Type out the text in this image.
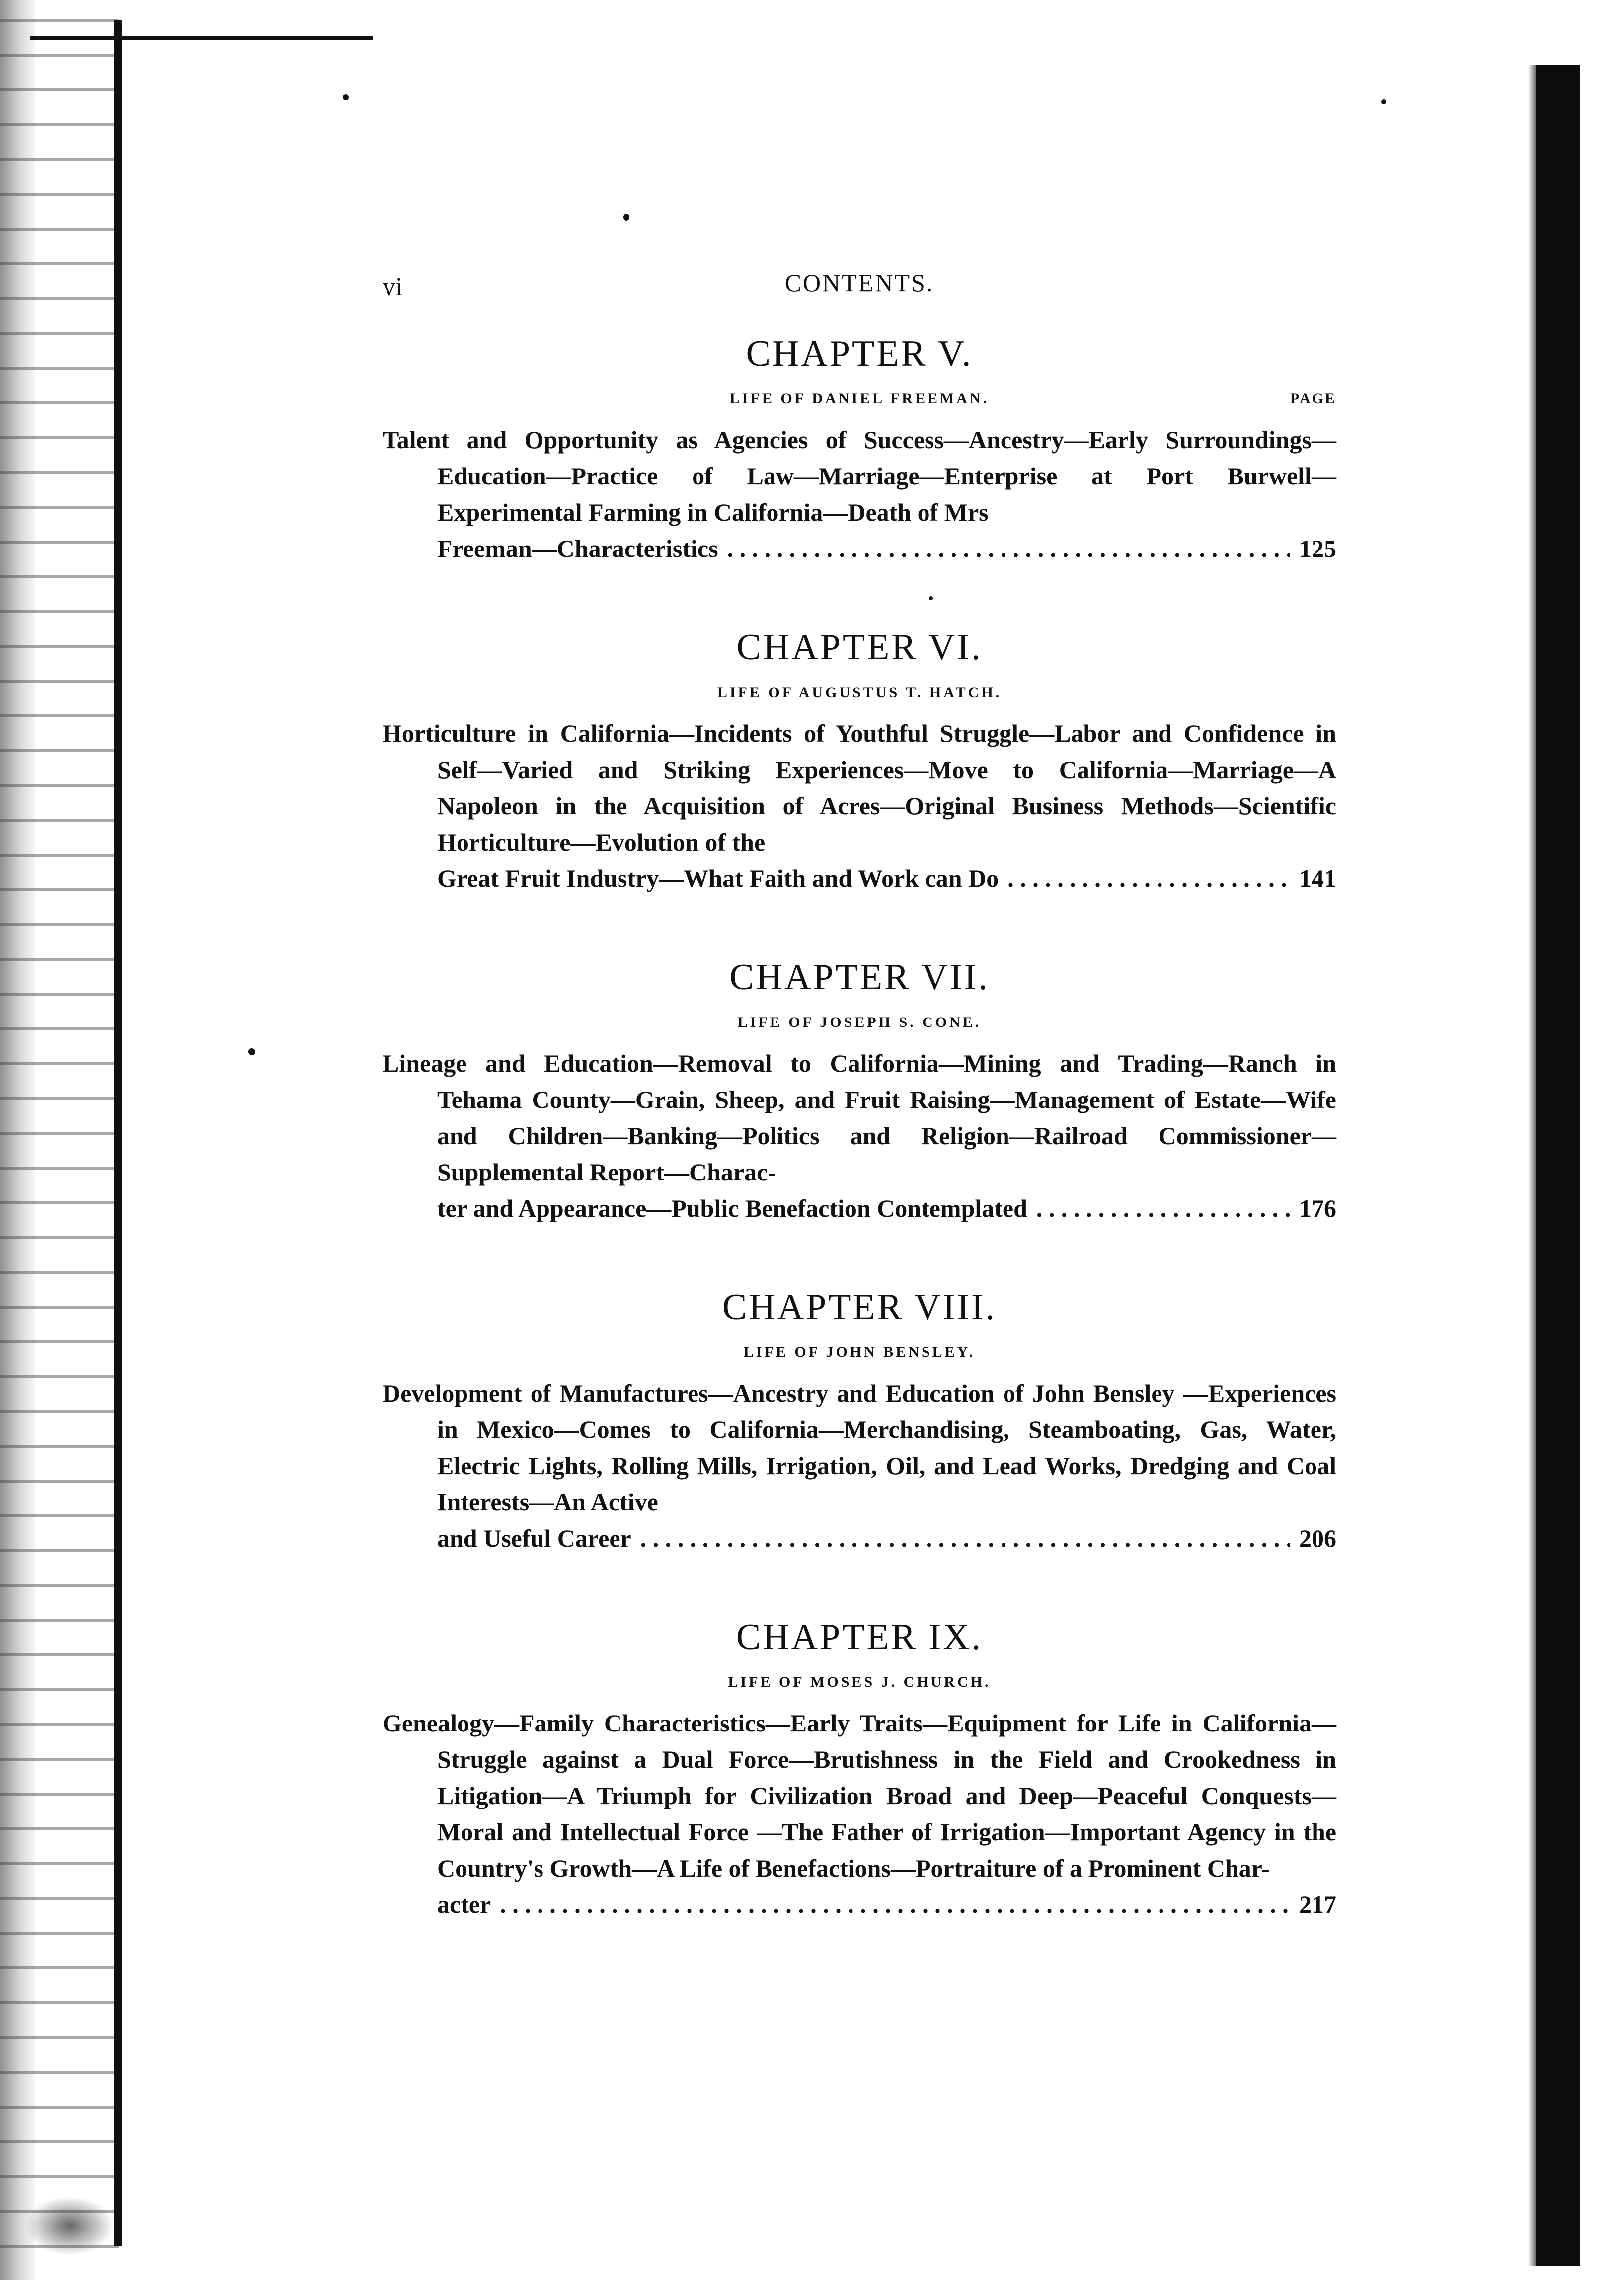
vi	CONTENTS.
CHAPTER V.
LIFE OF DANIEL FREEMAN.	PAGE

Talent and Opportunity as Agencies of Success—Ancestry—Early Surroundings— Education—Practice of Law—Marriage—Enterprise at Port Burwell—Experimental Farming in California—Death of Mrs

Freeman—Characteristics . . .	125
CHAPTER VI.
LIFE OF AUGUSTUS T. HATCH.

Horticulture in California—Incidents of Youthful Struggle—Labor and Confidence in Self—Varied and Striking Experiences—Move to California—Marriage—A Napoleon in the Acquisition of Acres—Original Business Methods—Scientific Horticulture—Evolution of the

Great Fruit Industry—What Faith and Work can Do . . .	141
CHAPTER VII.
LIFE OF JOSEPH S. CONE.

Lineage and Education—Removal to California—Mining and Trading—Ranch in Tehama County—Grain, Sheep, and Fruit Raising—Management of Estate—Wife and Children—Banking—Politics and Religion—Railroad Commissioner—Supplemental Report—Charac-

ter and Appearance—Public Benefaction Contemplated . . .	176
CHAPTER VIII.
LIFE OF JOHN BENSLEY.

Development of Manufactures—Ancestry and Education of John Bensley —Experiences in Mexico—Comes to California—Merchandising, Steamboating, Gas, Water, Electric Lights, Rolling Mills, Irrigation, Oil, and Lead Works, Dredging and Coal Interests—An Active

and Useful Career . . .	206
CHAPTER IX.
LIFE OF MOSES J. CHURCH.

Genealogy—Family Characteristics—Early Traits—Equipment for Life in California—Struggle against a Dual Force—Brutishness in the Field and Crookedness in Litigation—A Triumph for Civilization Broad and Deep—Peaceful Conquests—Moral and Intellectual Force —The Father of Irrigation—Important Agency in the Country's Growth—A Life of Benefactions—Portraiture of a Prominent Char-

acter . . .	217
